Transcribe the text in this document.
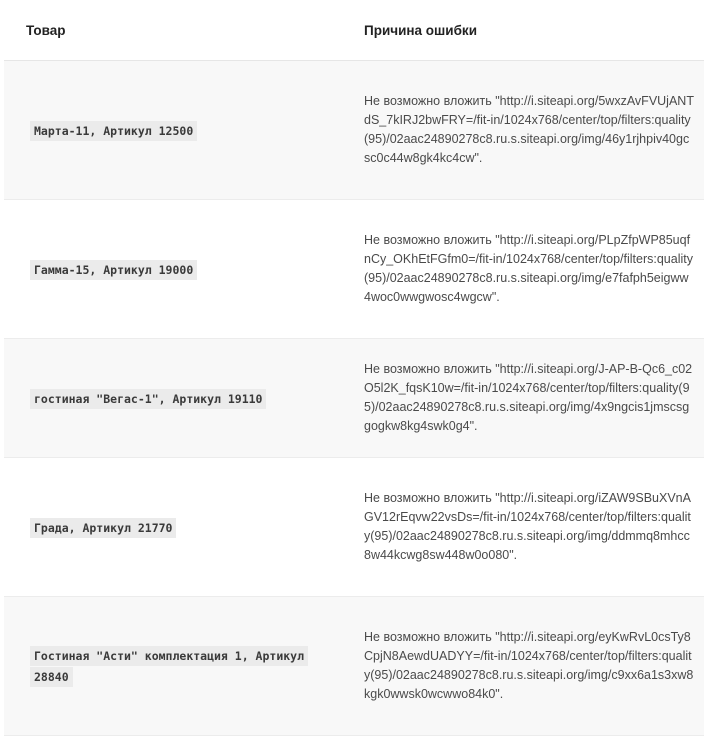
Товар	Причина ошибки
Марта-11, Артикул 12500
Не возможно вложить "http://i.siteapi.org/5wxzAvFVUjANTdS_7kIRJ2bwFRY=/fit-in/1024x768/center/top/filters:quality(95)/02aac24890278c8.ru.s.siteapi.org/img/46y1rjhpiv40gcsc0c44w8gk4kc4cw".
Гамма-15, Артикул 19000
Не возможно вложить "http://i.siteapi.org/PLpZfpWP85uqfnCy_OKhEtFGfm0=/fit-in/1024x768/center/top/filters:quality(95)/02aac24890278c8.ru.s.siteapi.org/img/e7fafph5eigww4woc0wwgwosc4wgcw".
гостиная "Вегас-1", Артикул 19110
Не возможно вложить "http://i.siteapi.org/J-AP-B-Qc6_c02O5l2K_fqsK10w=/fit-in/1024x768/center/top/filters:quality(95)/02aac24890278c8.ru.s.siteapi.org/img/4x9ngcis1jmscsggogkw8kg4swk0g4".
Града, Артикул 21770
Не возможно вложить "http://i.siteapi.org/iZAW9SBuXVnAGV12rEqvw22vsDs=/fit-in/1024x768/center/top/filters:quality(95)/02aac24890278c8.ru.s.siteapi.org/img/ddmmq8mhcc8w44kcwg8sw448w0o080".
Гостиная "Асти" комплектация 1, Артикул 28840
Не возможно вложить "http://i.siteapi.org/eyKwRvL0csTy8CpjN8AewdUADYY=/fit-in/1024x768/center/top/filters:quality(95)/02aac24890278c8.ru.s.siteapi.org/img/c9xx6a1s3xw8kgk0wwsk0wcwwo84k0".
